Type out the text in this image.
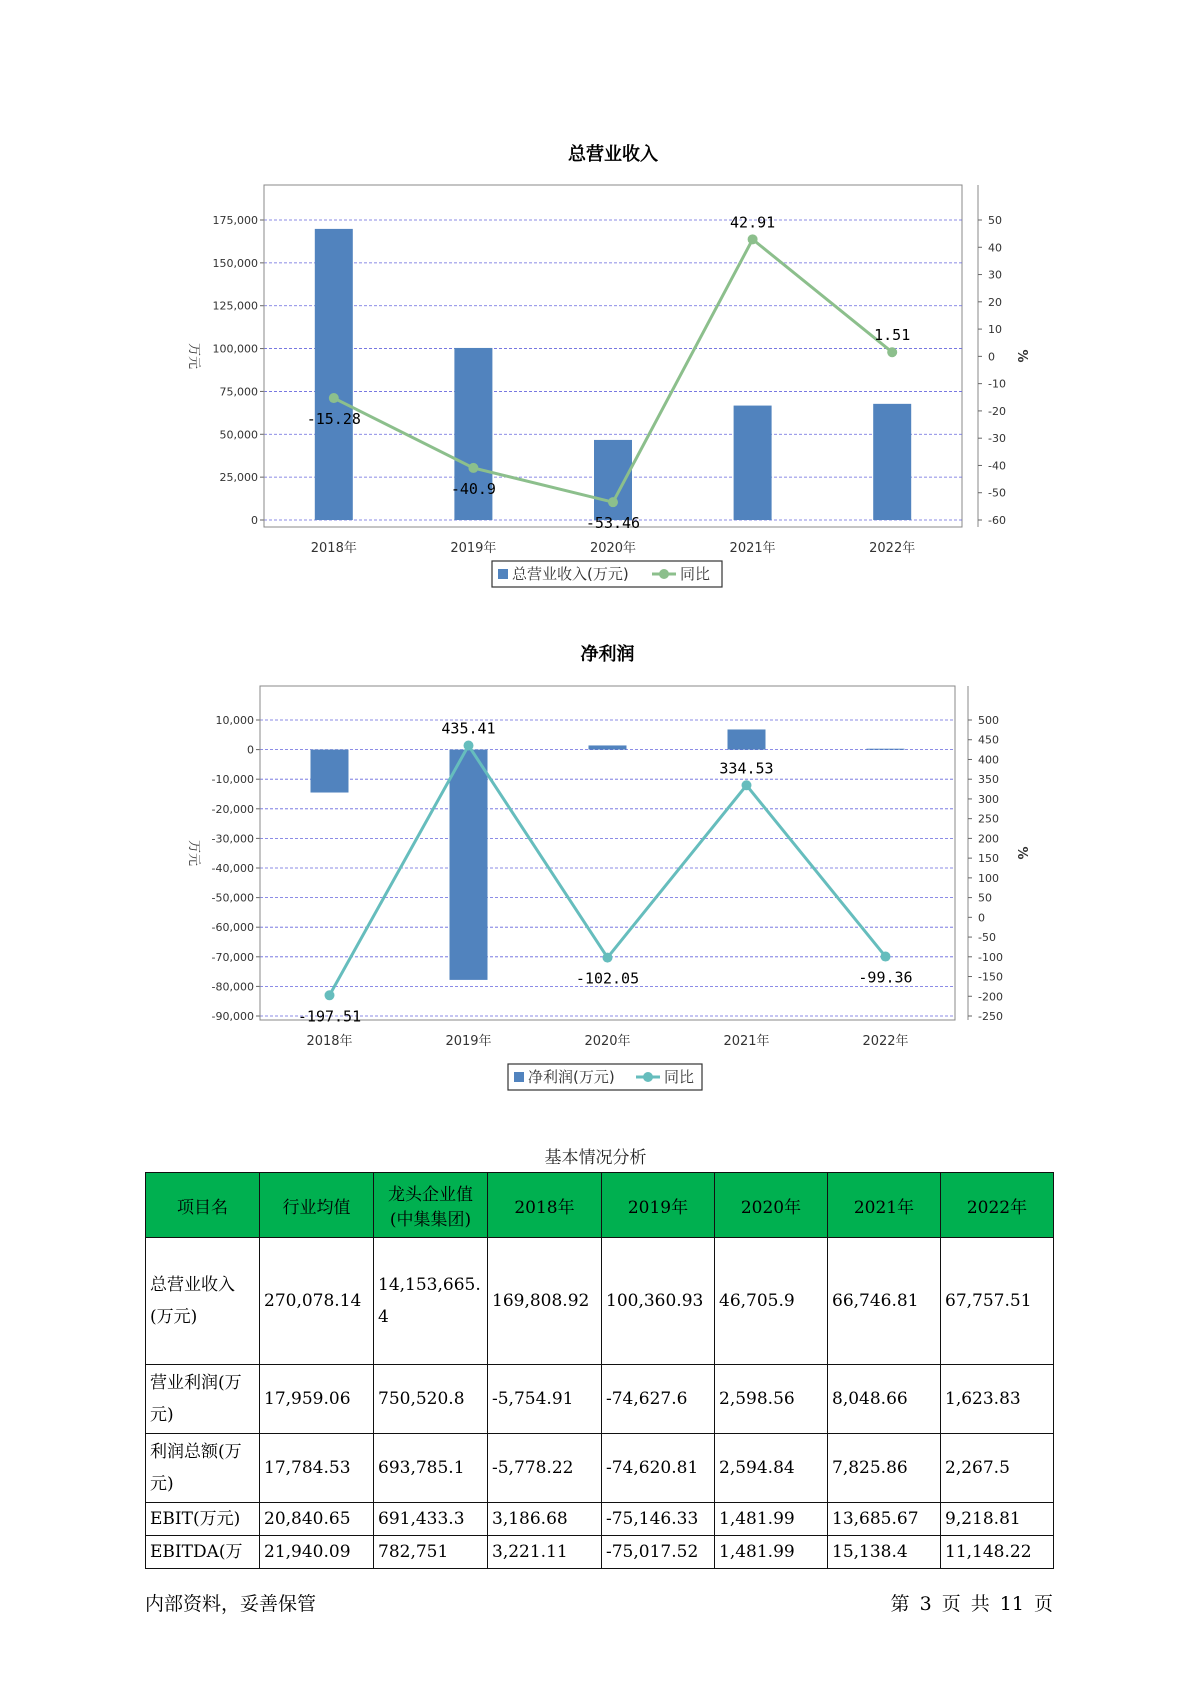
总营业收入
0
25,000
50,000
75,000
100,000
125,000
150,000
175,000
-60
-50
-40
-30
-20
-10
0
10
20
30
40
50
万元	%
2018年	2019年	2020年	2021年	2022年
-15.28
-40.9
-53.46
42.91
1.51
总营业收入(万元)	同比
净利润
-90,000
-80,000
-70,000
-60,000
-50,000
-40,000
-30,000
-20,000
-10,000
0
10,000
-250
-200
-150
-100
-50
0
50
100
150
200
250
300
350
400
450
500
万元	%
2018年	2019年	2020年	2021年	2022年
-197.51
435.41
-102.05
334.53
-99.36
净利润(万元)	同比
基本情况分析
项目名	行业均值	龙头企业值(中集集团)	2018年	2019年	2020年	2021年	2022年
总营业收入(万元)	270,078.14	14,153,665.4	169,808.92	100,360.93	46,705.9	66,746.81	67,757.51
营业利润(万元)	17,959.06	750,520.8	-5,754.91	-74,627.6	2,598.56	8,048.66	1,623.83
利润总额(万元)	17,784.53	693,785.1	-5,778.22	-74,620.81	2,594.84	7,825.86	2,267.5
EBIT(万元)	20,840.65	691,433.3	3,186.68	-75,146.33	1,481.99	13,685.67	9,218.81
EBITDA(万	21,940.09	782,751	3,221.11	-75,017.52	1,481.99	15,138.4	11,148.22
内部资料，妥善保管	第 3 页 共 11 页
